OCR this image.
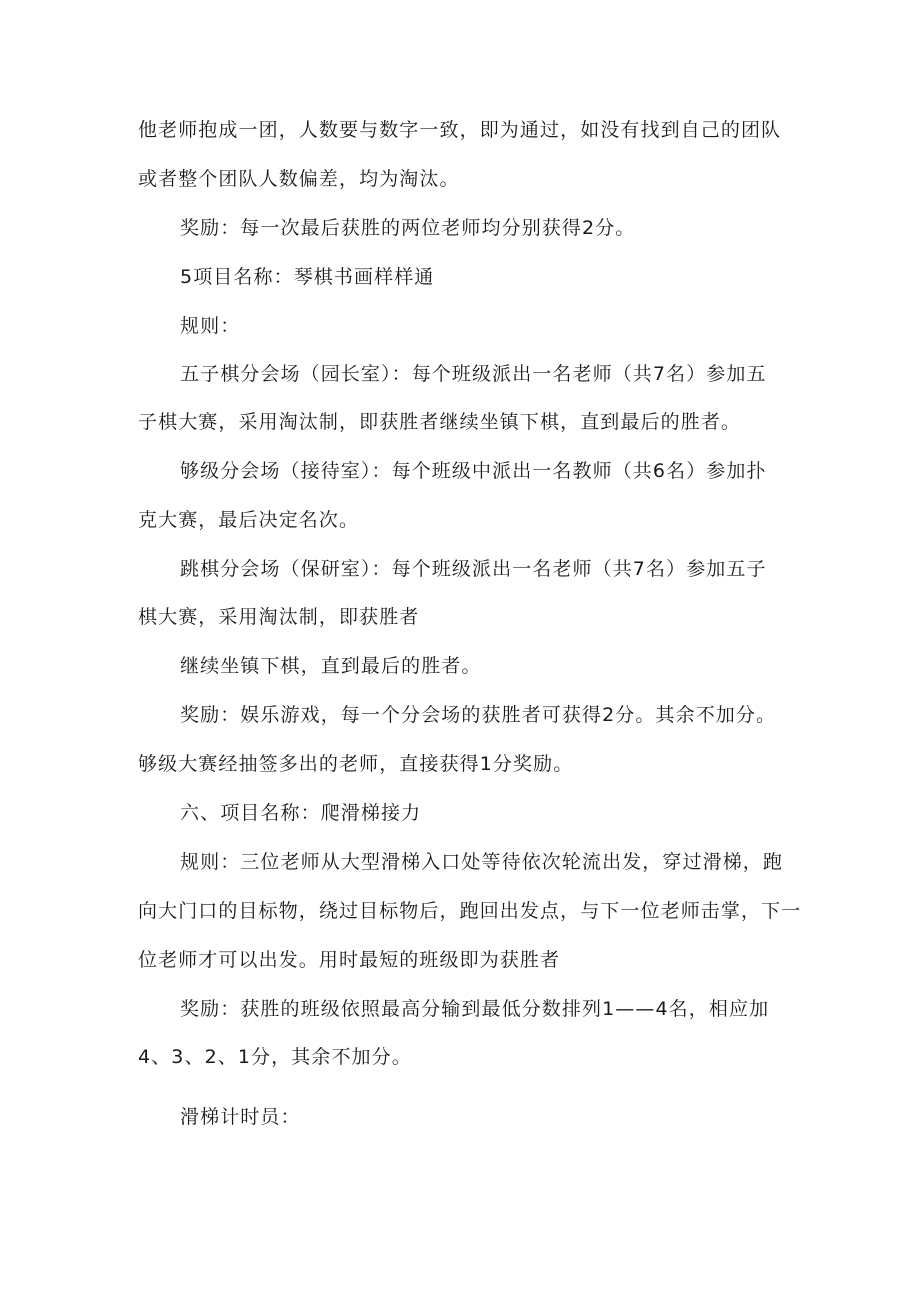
他老师抱成一团，人数要与数字一致，即为通过，如没有找到自己的团队
或者整个团队人数偏差，均为淘汰。
奖励：每一次最后获胜的两位老师均分别获得2分。
5项目名称：琴棋书画样样通
规则：
五子棋分会场（园长室）：每个班级派出一名老师（共7名）参加五
子棋大赛，采用淘汰制，即获胜者继续坐镇下棋，直到最后的胜者。
够级分会场（接待室）：每个班级中派出一名教师（共6名）参加扑
克大赛，最后决定名次。
跳棋分会场（保研室）：每个班级派出一名老师（共7名）参加五子
棋大赛，采用淘汰制，即获胜者
继续坐镇下棋，直到最后的胜者。
奖励：娱乐游戏，每一个分会场的获胜者可获得2分。其余不加分。
够级大赛经抽签多出的老师，直接获得1分奖励。
六、项目名称：爬滑梯接力
规则：三位老师从大型滑梯入口处等待依次轮流出发，穿过滑梯，跑
向大门口的目标物，绕过目标物后，跑回出发点，与下一位老师击掌，下一
位老师才可以出发。用时最短的班级即为获胜者
奖励：获胜的班级依照最高分输到最低分数排列1——4名，相应加
4、3、2、1分，其余不加分。
滑梯计时员：
